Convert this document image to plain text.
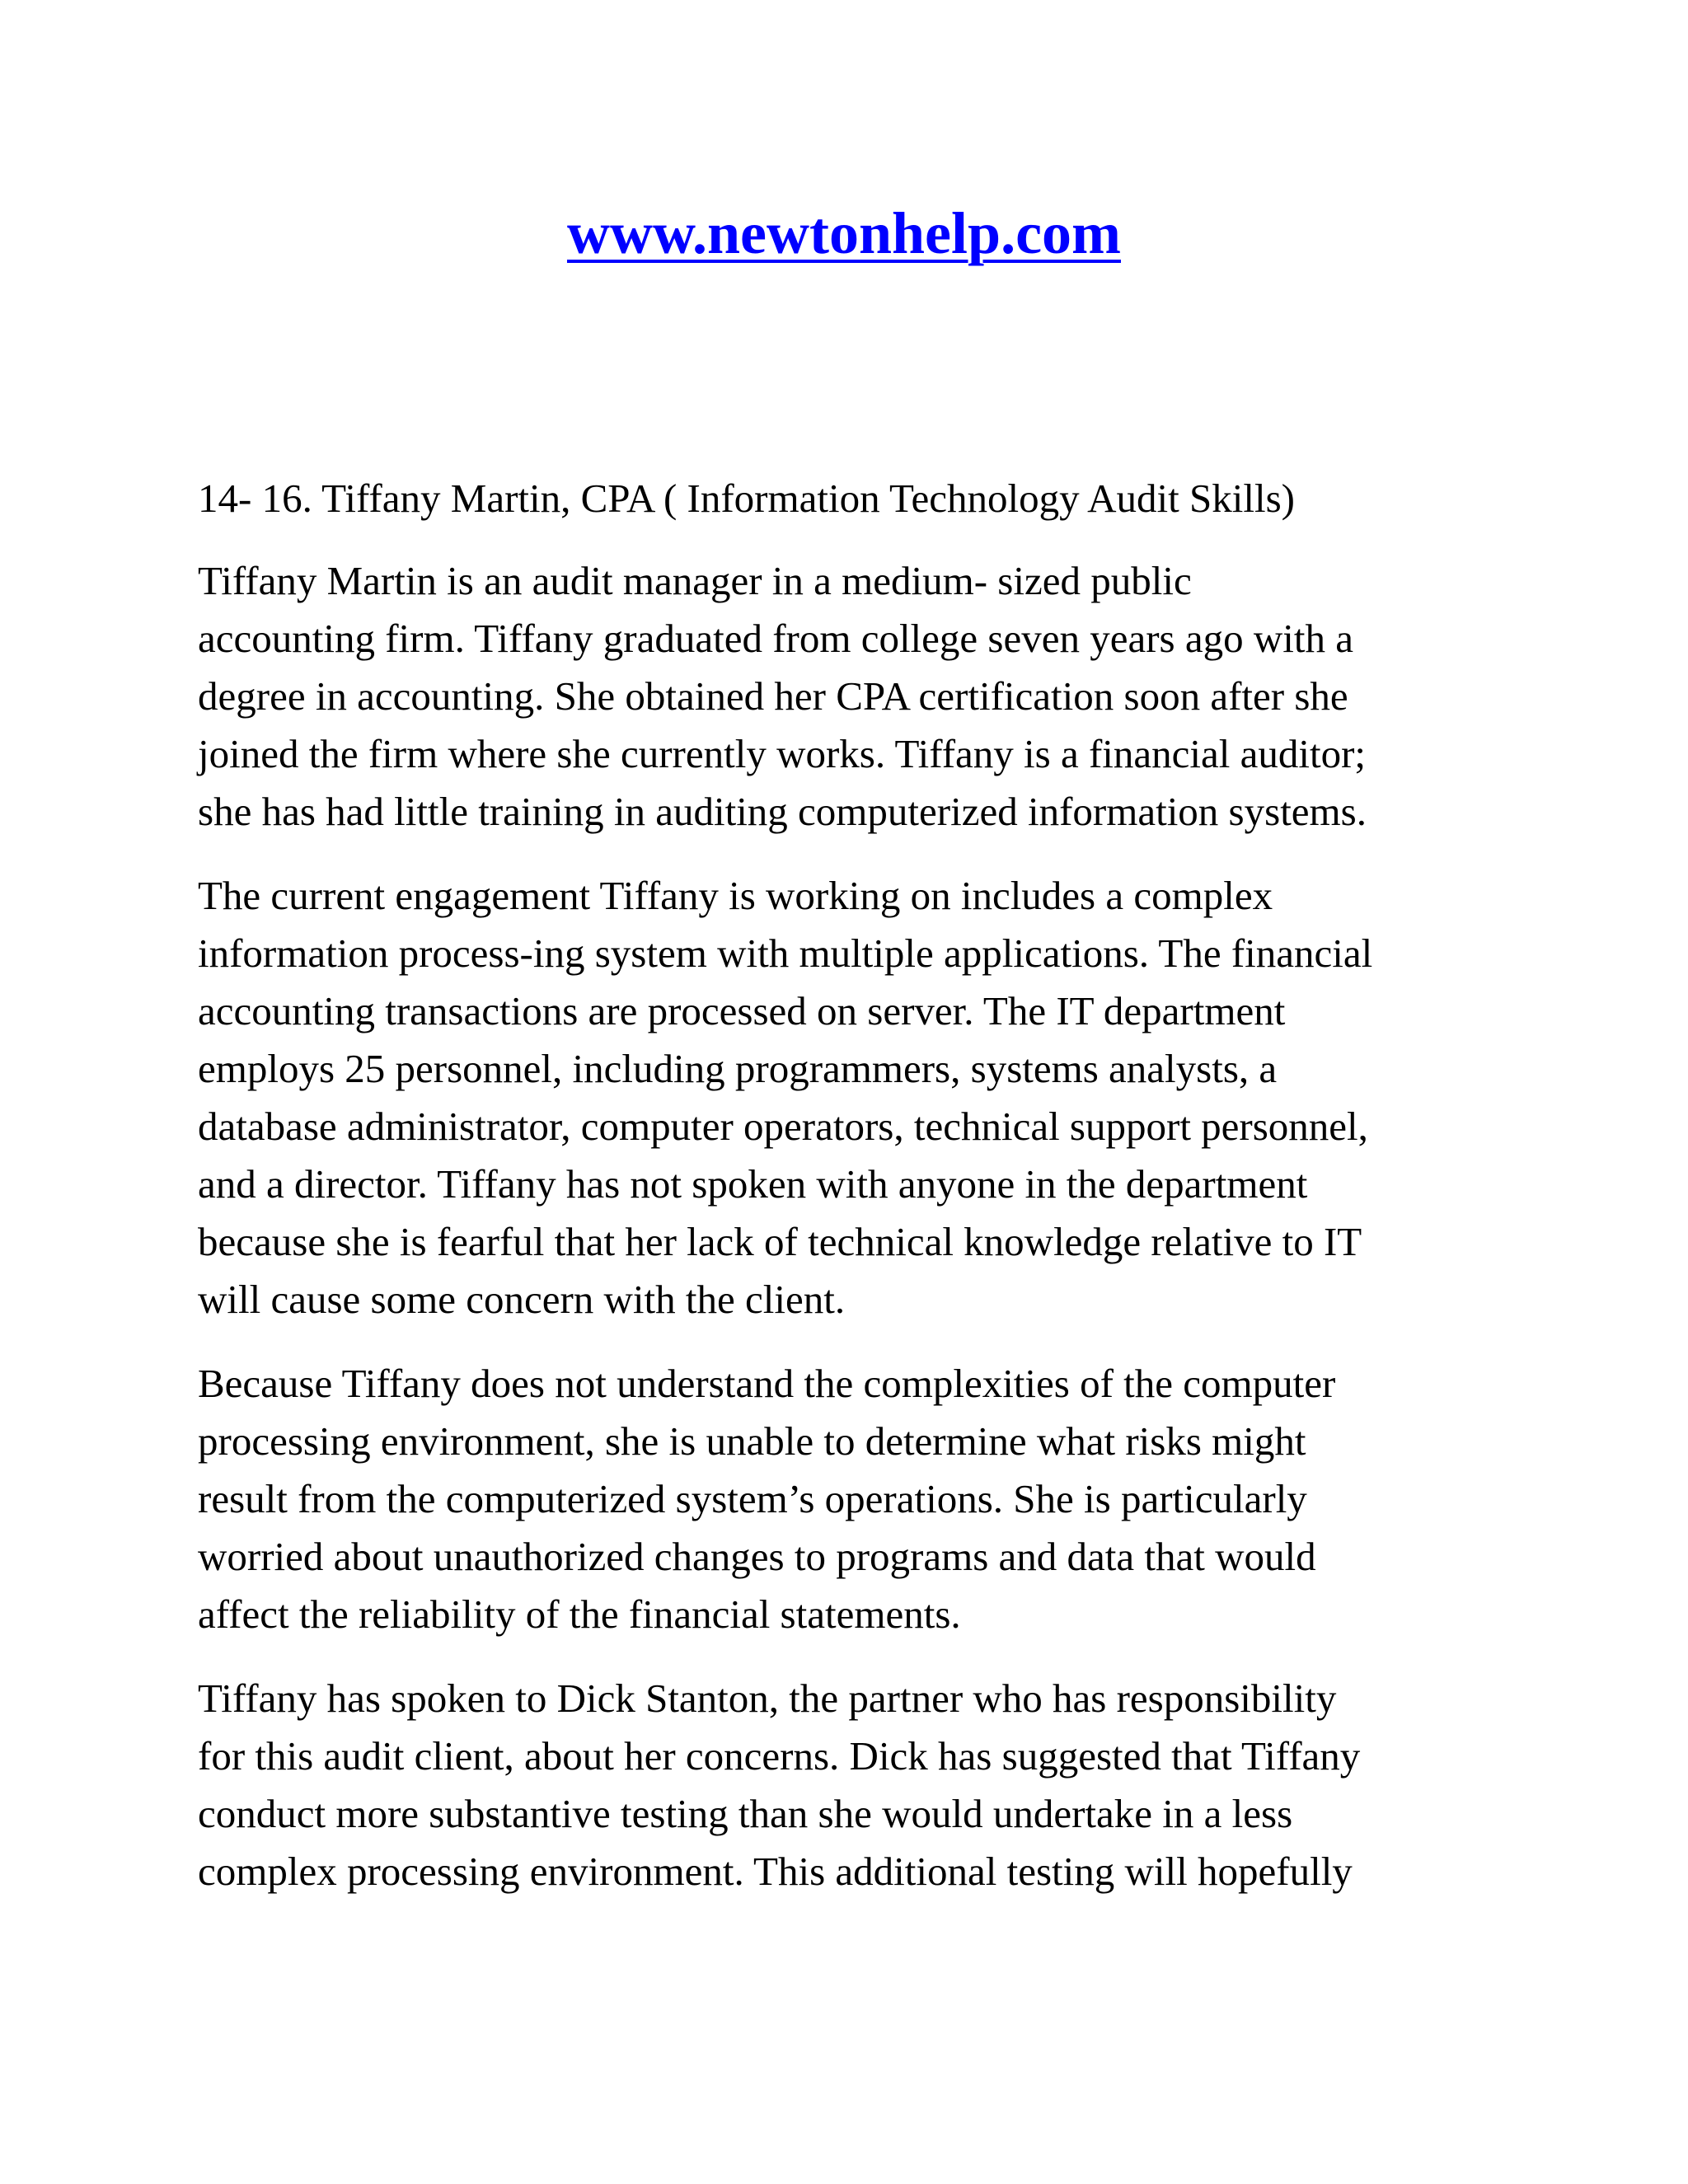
www.newtonhelp.com

14- 16. Tiffany Martin, CPA ( Information Technology Audit Skills)

Tiffany Martin is an audit manager in a medium- sized public
accounting firm. Tiffany graduated from college seven years ago with a
degree in accounting. She obtained her CPA certification soon after she
joined the firm where she currently works. Tiffany is a financial auditor;
she has had little training in auditing computerized information systems.

The current engagement Tiffany is working on includes a complex
information process-ing system with multiple applications. The financial
accounting transactions are processed on server. The IT department
employs 25 personnel, including programmers, systems analysts, a
database administrator, computer operators, technical support personnel,
and a director. Tiffany has not spoken with anyone in the department
because she is fearful that her lack of technical knowledge relative to IT
will cause some concern with the client.

Because Tiffany does not understand the complexities of the computer
processing environment, she is unable to determine what risks might
result from the computerized system’s operations. She is particularly
worried about unauthorized changes to programs and data that would
affect the reliability of the financial statements.

Tiffany has spoken to Dick Stanton, the partner who has responsibility
for this audit client, about her concerns. Dick has suggested that Tiffany
conduct more substantive testing than she would undertake in a less
complex processing environment. This additional testing will hopefully
